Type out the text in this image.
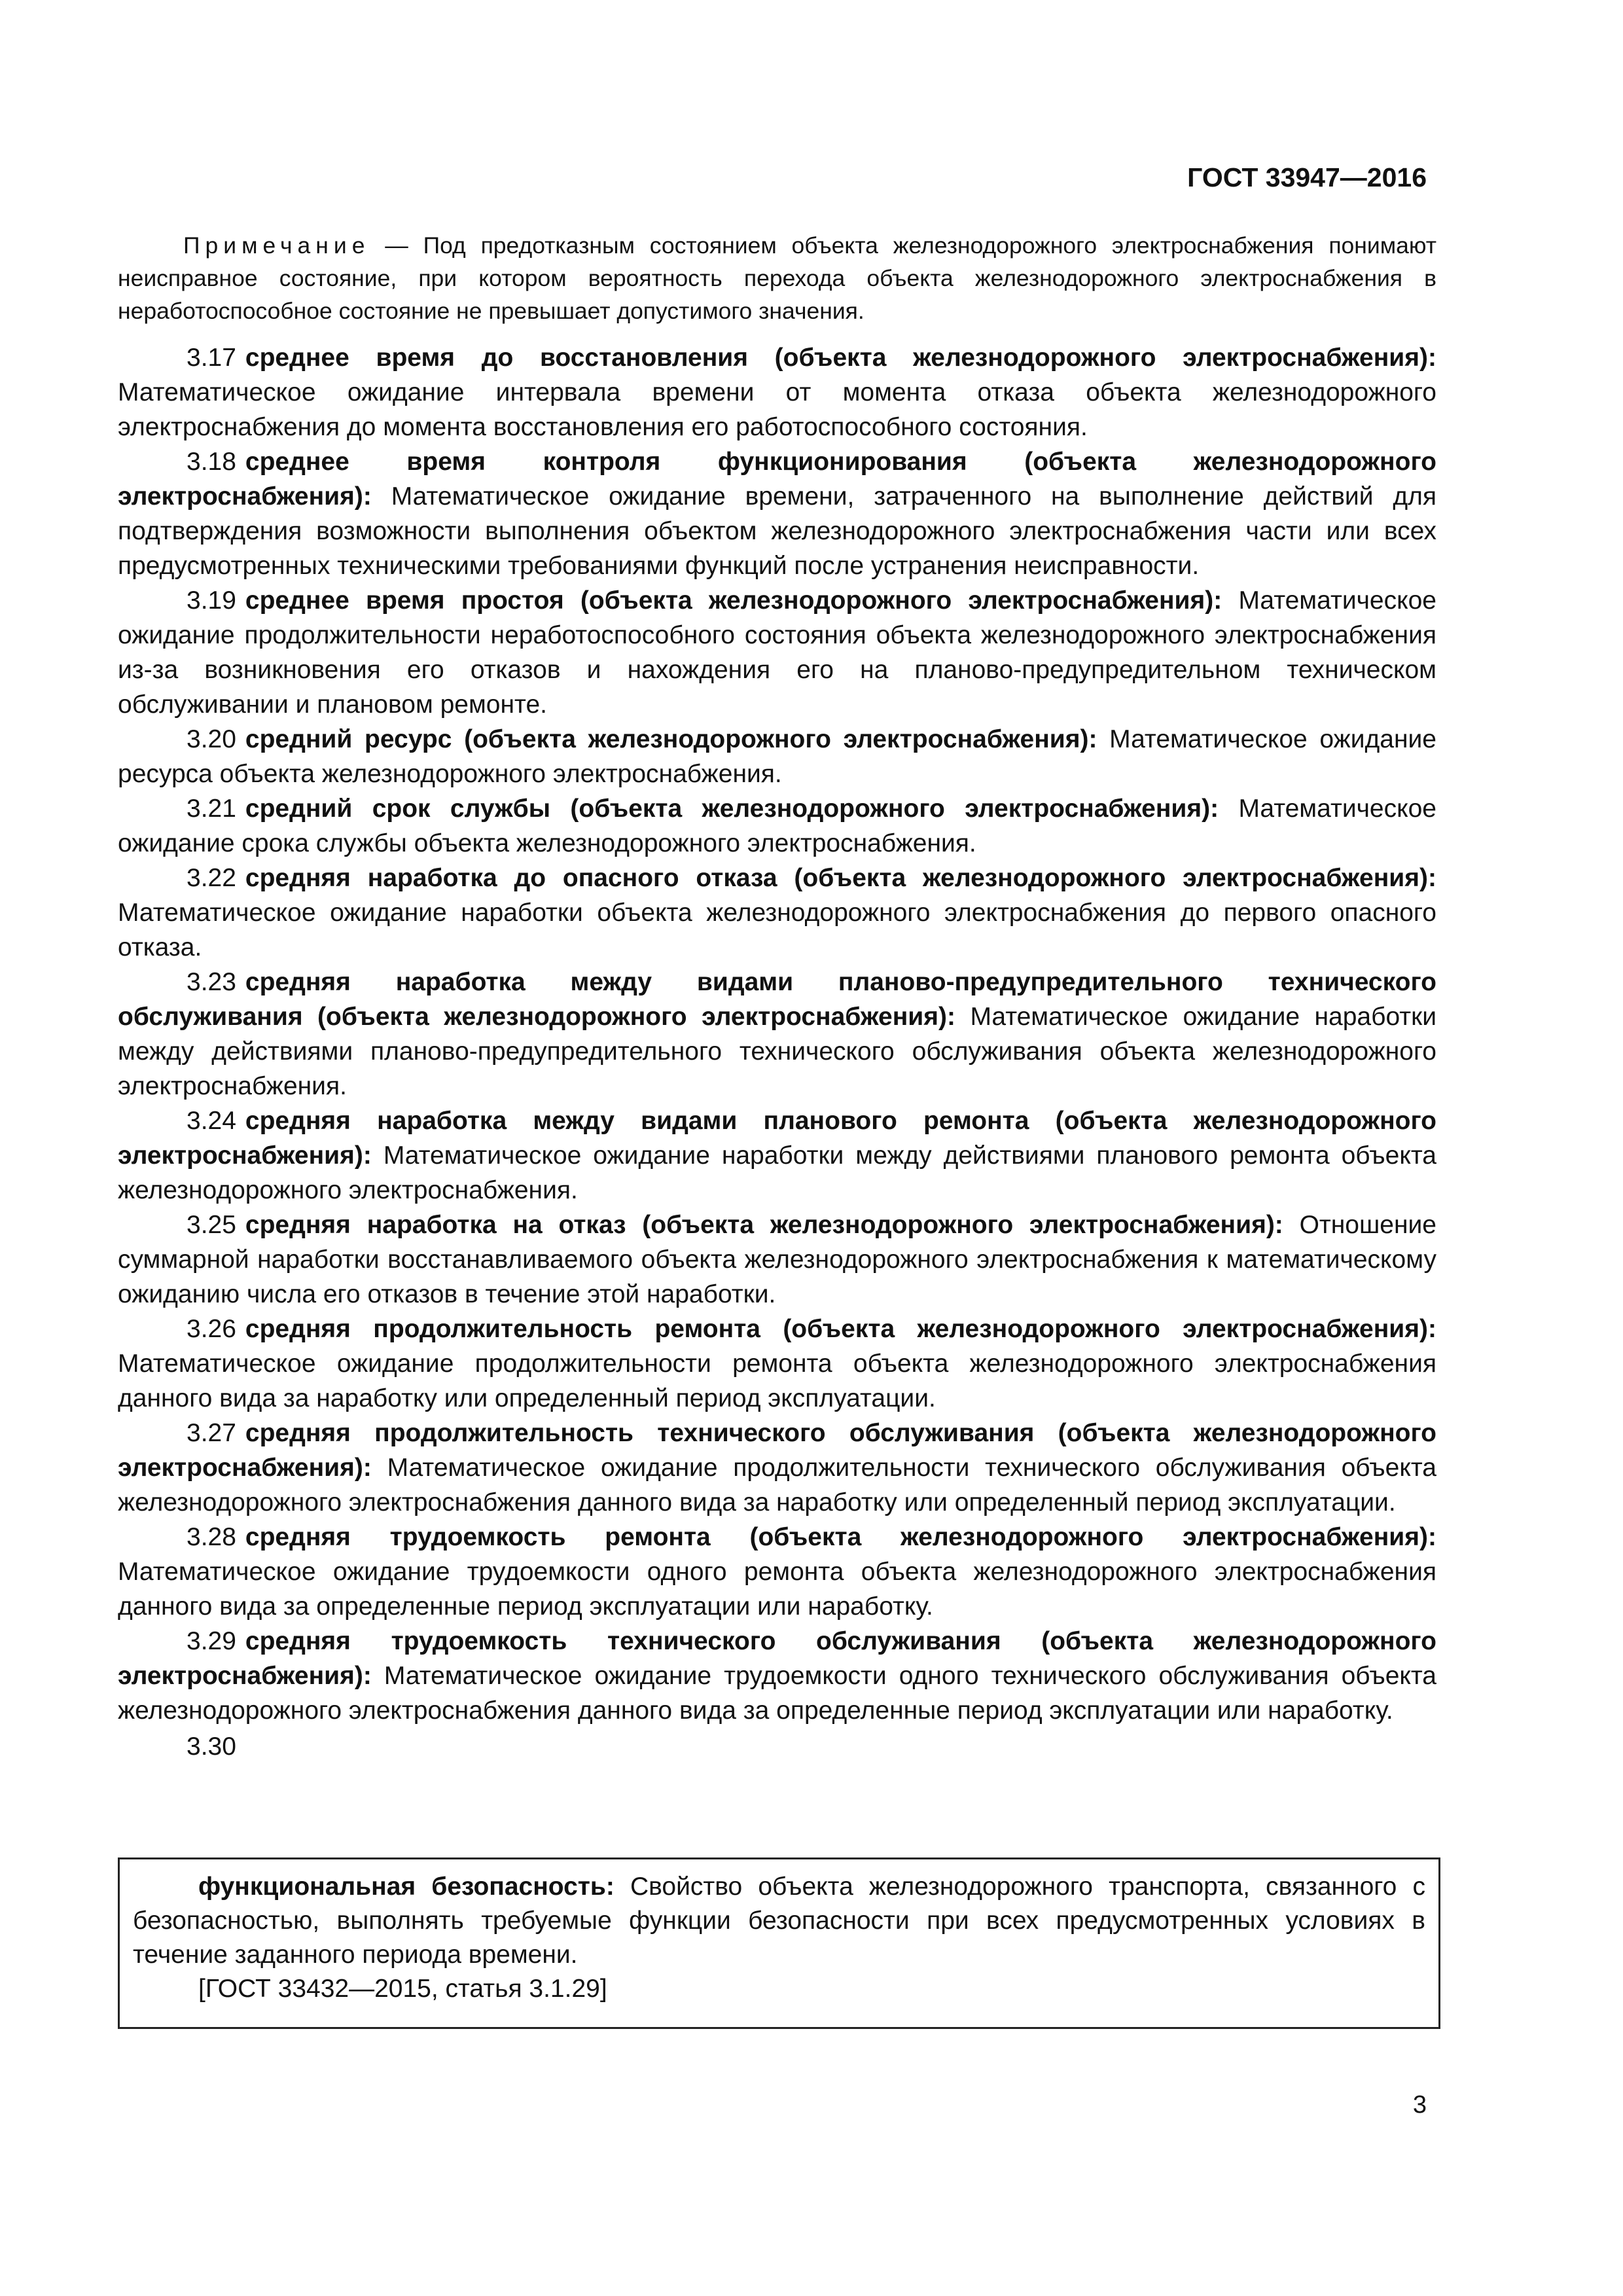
ГОСТ 33947—2016
Примечание — Под предотказным состоянием объекта железнодорожного электроснабжения понимают неисправное состояние, при котором вероятность перехода объекта железнодорожного электроснабжения в неработоспособное состояние не превышает допустимого значения.

3.17 среднее время до восстановления (объекта железнодорожного электроснабжения): Математическое ожидание интервала времени от момента отказа объекта железнодорожного электроснабжения до момента восстановления его работоспособного состояния.

3.18 среднее время контроля функционирования (объекта железнодорожного электроснабжения): Математическое ожидание времени, затраченного на выполнение действий для подтверждения возможности выполнения объектом железнодорожного электроснабжения части или всех предусмотренных техническими требованиями функций после устранения неисправности.

3.19 среднее время простоя (объекта железнодорожного электроснабжения): Математическое ожидание продолжительности неработоспособного состояния объекта железнодорожного электроснабжения из-за возникновения его отказов и нахождения его на планово-предупредительном техническом обслуживании и плановом ремонте.

3.20 средний ресурс (объекта железнодорожного электроснабжения): Математическое ожидание ресурса объекта железнодорожного электроснабжения.

3.21 средний срок службы (объекта железнодорожного электроснабжения): Математическое ожидание срока службы объекта железнодорожного электроснабжения.

3.22 средняя наработка до опасного отказа (объекта железнодорожного электроснабжения): Математическое ожидание наработки объекта железнодорожного электроснабжения до первого опасного отказа.

3.23 средняя наработка между видами планово-предупредительного технического обслуживания (объекта железнодорожного электроснабжения): Математическое ожидание наработки между действиями планово-предупредительного технического обслуживания объекта железнодорожного электроснабжения.

3.24 средняя наработка между видами планового ремонта (объекта железнодорожного электроснабжения): Математическое ожидание наработки между действиями планового ремонта объекта железнодорожного электроснабжения.

3.25 средняя наработка на отказ (объекта железнодорожного электроснабжения): Отношение суммарной наработки восстанавливаемого объекта железнодорожного электроснабжения к математическому ожиданию числа его отказов в течение этой наработки.

3.26 средняя продолжительность ремонта (объекта железнодорожного электроснабжения): Математическое ожидание продолжительности ремонта объекта железнодорожного электроснабжения данного вида за наработку или определенный период эксплуатации.

3.27 средняя продолжительность технического обслуживания (объекта железнодорожного электроснабжения): Математическое ожидание продолжительности технического обслуживания объекта железнодорожного электроснабжения данного вида за наработку или определенный период эксплуатации.

3.28 средняя трудоемкость ремонта (объекта железнодорожного электроснабжения): Математическое ожидание трудоемкости одного ремонта объекта железнодорожного электроснабжения данного вида за определенные период эксплуатации или наработку.

3.29 средняя трудоемкость технического обслуживания (объекта железнодорожного электроснабжения): Математическое ожидание трудоемкости одного технического обслуживания объекта железнодорожного электроснабжения данного вида за определенные период эксплуатации или наработку.

3.30

функциональная безопасность: Свойство объекта железнодорожного транспорта, связанного с безопасностью, выполнять требуемые функции безопасности при всех предусмотренных условиях в течение заданного периода времени.

[ГОСТ 33432—2015, статья 3.1.29]

3
